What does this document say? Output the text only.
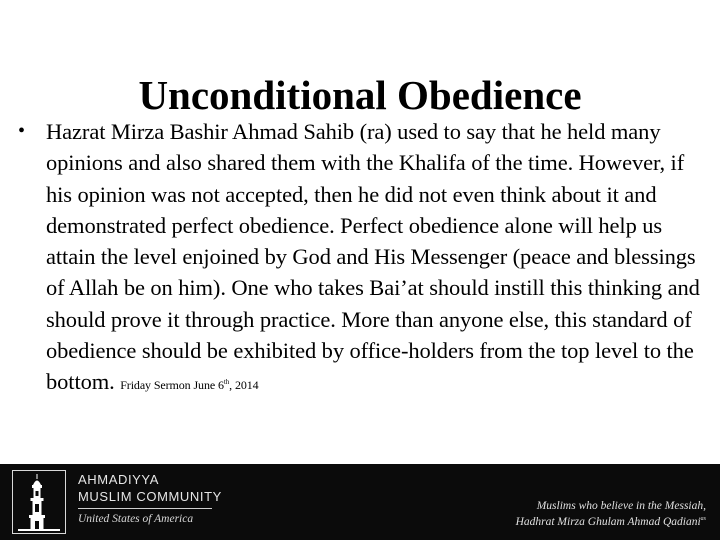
Unconditional Obedience
• Hazrat Mirza Bashir Ahmad Sahib (ra) used to say that he held many opinions and also shared them with the Khalifa of the time. However, if his opinion was not accepted, then he did not even think about it and demonstrated perfect obedience. Perfect obedience alone will help us attain the level enjoined by God and His Messenger (peace and blessings of Allah be on him). One who takes Bai’at should instill this thinking and should prove it through practice. More than anyone else, this standard of obedience should be exhibited by office-holders from the top level to the bottom. Friday Sermon June 6th, 2014
AHMADIYYA
MUSLIM COMMUNITY
United States of America
Muslims who believe in the Messiah,
Hadhrat Mirza Ghulam Ahmad Qadiani$^{as}$
